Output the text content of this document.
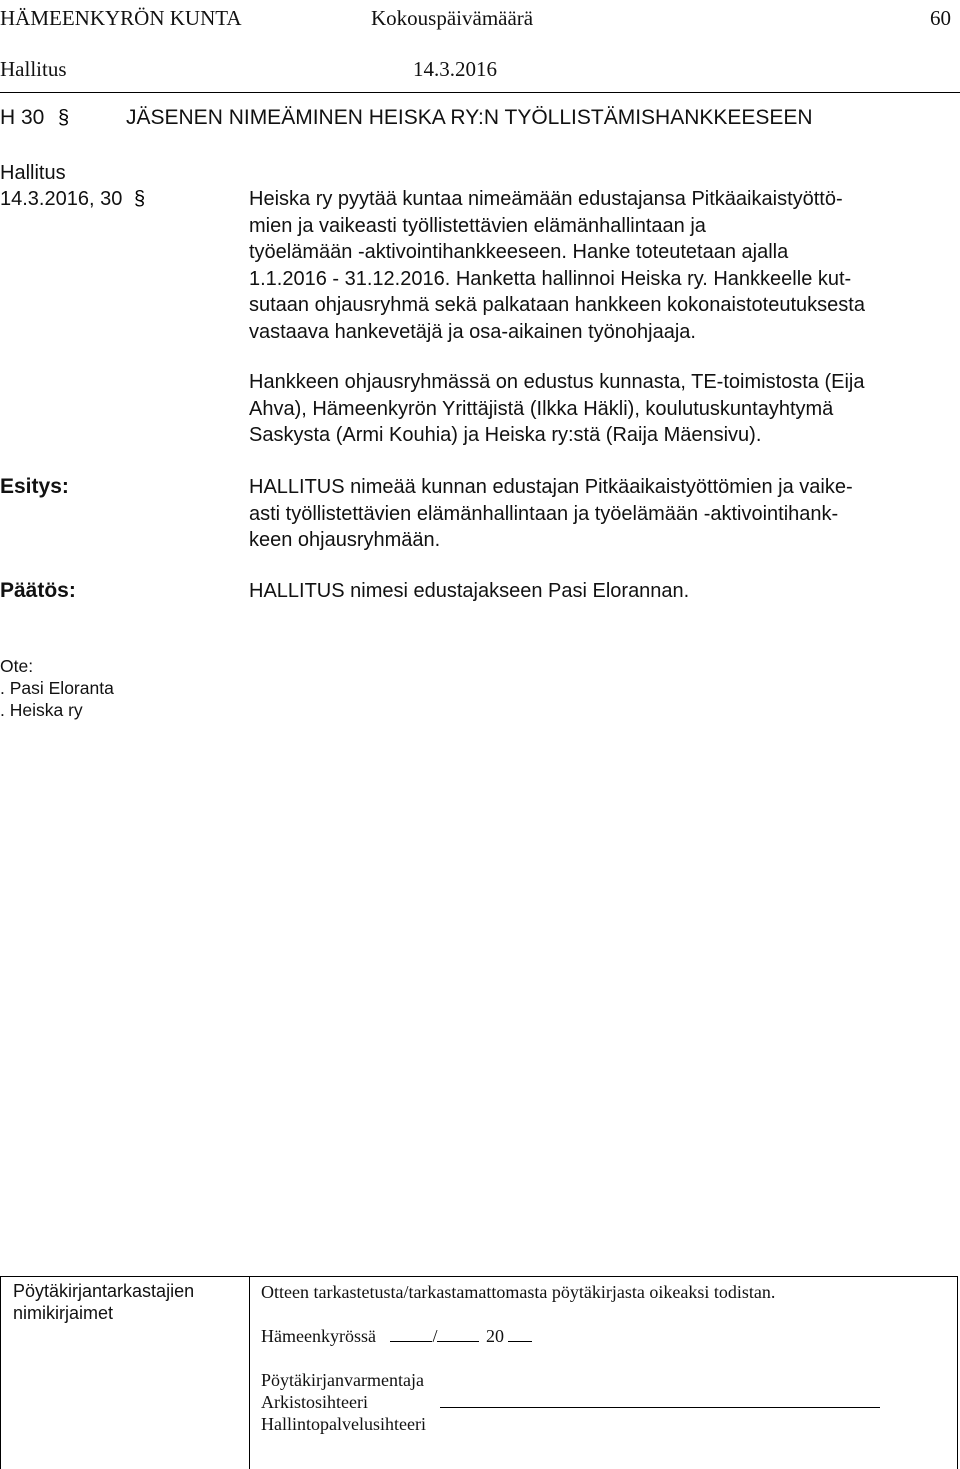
HÄMEENKYRÖN KUNTA	Kokouspäivämäärä	60
Hallitus	14.3.2016
H 30 §	JÄSENEN NIMEÄMINEN HEISKA RY:N TYÖLLISTÄMISHANKKEESEEN
Hallitus
14.3.2016, 30 §	Heiska ry pyytää kuntaa nimeämään edustajansa Pitkäaikaistyöttö-
mien ja vaikeasti työllistettävien elämänhallintaan ja
työelämään -aktivointihankkeeseen. Hanke toteutetaan ajalla
1.1.2016 - 31.12.2016. Hanketta hallinnoi Heiska ry. Hankkeelle kut-
sutaan ohjausryhmä sekä palkataan hankkeen kokonaistoteutuksesta
vastaava hankevetäjä ja osa-aikainen työnohjaaja.
Hankkeen ohjausryhmässä on edustus kunnasta, TE-toimistosta (Eija
Ahva), Hämeenkyrön Yrittäjistä (Ilkka Häkli), koulutuskuntayhtymä
Saskysta (Armi Kouhia) ja Heiska ry:stä (Raija Mäensivu).
Esitys:	HALLITUS nimeää kunnan edustajan Pitkäaikaistyöttömien ja vaike-
asti työllistettävien elämänhallintaan ja työelämään -aktivointihank-
keen ohjausryhmään.
Päätös:	HALLITUS nimesi edustajakseen Pasi Elorannan.
Ote:
. Pasi Eloranta
. Heiska ry
Pöytäkirjantarkastajien
nimikirjaimet
Otteen tarkastetusta/tarkastamattomasta pöytäkirjasta oikeaksi todistan.
Hämeenkyrössä	/	20
Pöytäkirjanvarmentaja
Arkistosihteeri
Hallintopalvelusihteeri
